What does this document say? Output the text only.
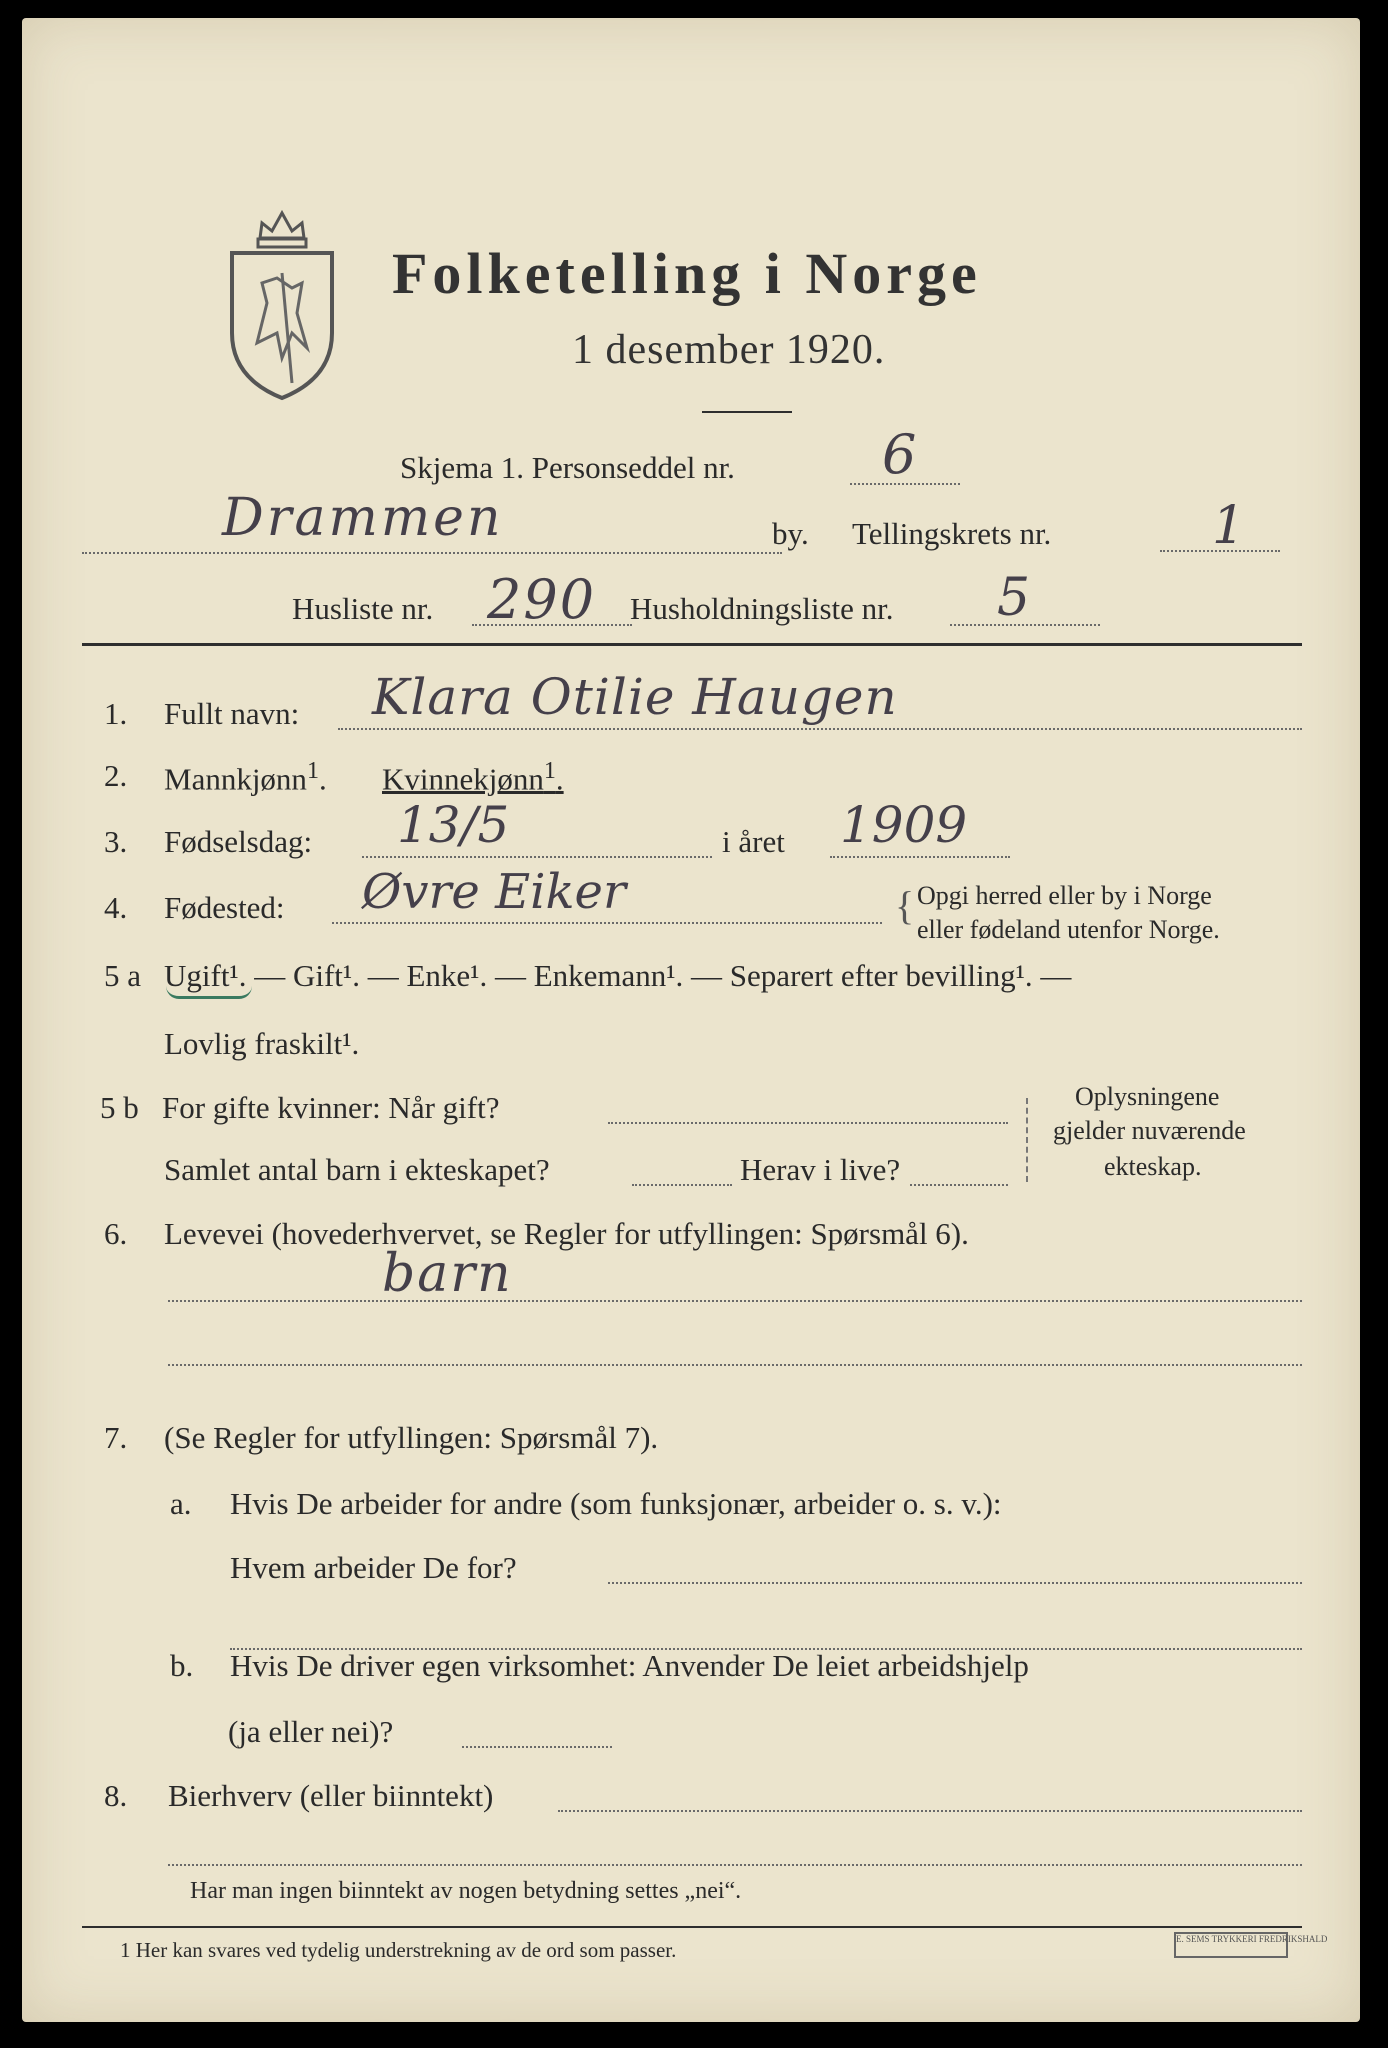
Folketelling i Norge
1 desember 1920.
Skjema 1. Personseddel nr.	6
Drammen	by. Tellingskrets nr.	1
Husliste nr. 290 Husholdningsliste nr. 5
1. Fullt navn: Klara Otilie Haugen
2. Mannkjønn$^1$. Kvinnekjønn$^1$.
3. Fødselsdag: 13/5	i året 1909
4. Fødested: Øvre Eiker	{ Opgi herred eller by i Norge
eller fødeland utenfor Norge.
5 a Ugift¹. — Gift¹. — Enke¹. — Enkemann¹. — Separert efter bevilling¹. —
Lovlig fraskilt¹.
5 b For gifte kvinner: Når gift?
Samlet antal barn i ekteskapet?	Herav i live?
Oplysningene
gjelder nuværende
ekteskap.
6. Levevei (hovederhvervet, se Regler for utfyllingen: Spørsmål 6).
barn
7. (Se Regler for utfyllingen: Spørsmål 7).
a. Hvis De arbeider for andre (som funksjonær, arbeider o. s. v.):
Hvem arbeider De for?
b. Hvis De driver egen virksomhet: Anvender De leiet arbeidshjelp
(ja eller nei)?
8. Bierhverv (eller biinntekt)
Har man ingen biinntekt av nogen betydning settes „nei“.
1 Her kan svares ved tydelig understrekning av de ord som passer.	E. SEMS TRYKKERI FREDRIKSHALD
